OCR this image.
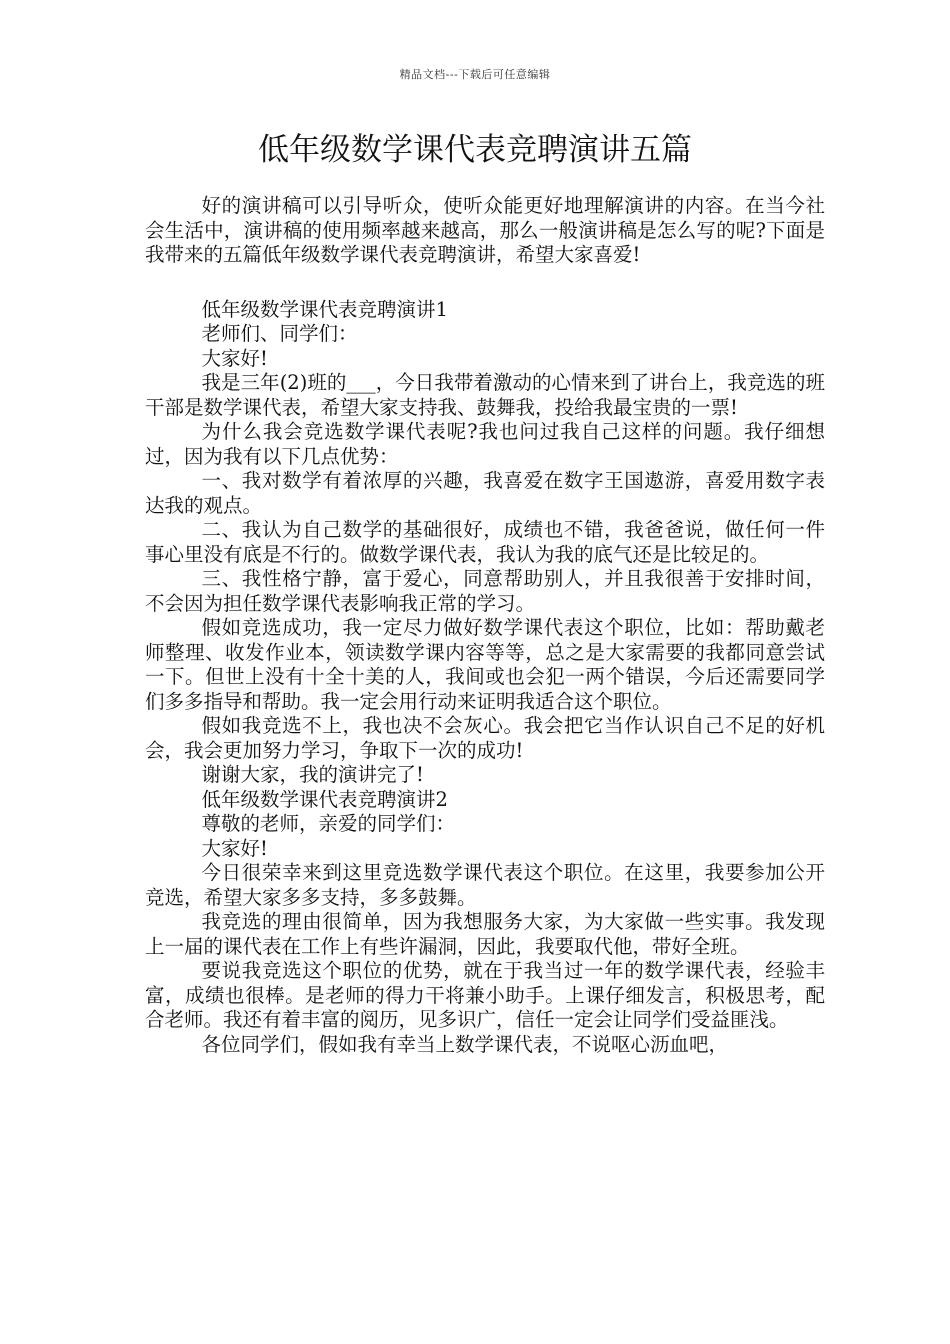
精品文档---下载后可任意编辑
低年级数学课代表竞聘演讲五篇

好的演讲稿可以引导听众，使听众能更好地理解演讲的内容。在当今社会生活中，演讲稿的使用频率越来越高，那么一般演讲稿是怎么写的呢?下面是我带来的五篇低年级数学课代表竞聘演讲，希望大家喜爱!

低年级数学课代表竞聘演讲1

老师们、同学们：

大家好!

我是三年(2)班的___，今日我带着激动的心情来到了讲台上，我竞选的班干部是数学课代表，希望大家支持我、鼓舞我，投给我最宝贵的一票!

为什么我会竞选数学课代表呢?我也问过我自己这样的问题。我仔细想过，因为我有以下几点优势：

一、我对数学有着浓厚的兴趣，我喜爱在数字王国遨游，喜爱用数字表达我的观点。

二、我认为自己数学的基础很好，成绩也不错，我爸爸说，做任何一件事心里没有底是不行的。做数学课代表，我认为我的底气还是比较足的。

三、我性格宁静，富于爱心，同意帮助别人，并且我很善于安排时间，不会因为担任数学课代表影响我正常的学习。

假如竞选成功，我一定尽力做好数学课代表这个职位，比如：帮助戴老师整理、收发作业本，领读数学课内容等等，总之是大家需要的我都同意尝试一下。但世上没有十全十美的人，我间或也会犯一两个错误，今后还需要同学们多多指导和帮助。我一定会用行动来证明我适合这个职位。

假如我竞选不上，我也决不会灰心。我会把它当作认识自己不足的好机会，我会更加努力学习，争取下一次的成功!

谢谢大家，我的演讲完了!

低年级数学课代表竞聘演讲2

尊敬的老师，亲爱的同学们：

大家好!

今日很荣幸来到这里竞选数学课代表这个职位。在这里，我要参加公开竞选，希望大家多多支持，多多鼓舞。

我竞选的理由很简单，因为我想服务大家，为大家做一些实事。我发现上一届的课代表在工作上有些许漏洞，因此，我要取代他，带好全班。

要说我竞选这个职位的优势，就在于我当过一年的数学课代表，经验丰富，成绩也很棒。是老师的得力干将兼小助手。上课仔细发言，积极思考，配合老师。我还有着丰富的阅历，见多识广，信任一定会让同学们受益匪浅。

各位同学们，假如我有幸当上数学课代表，不说呕心沥血吧，
